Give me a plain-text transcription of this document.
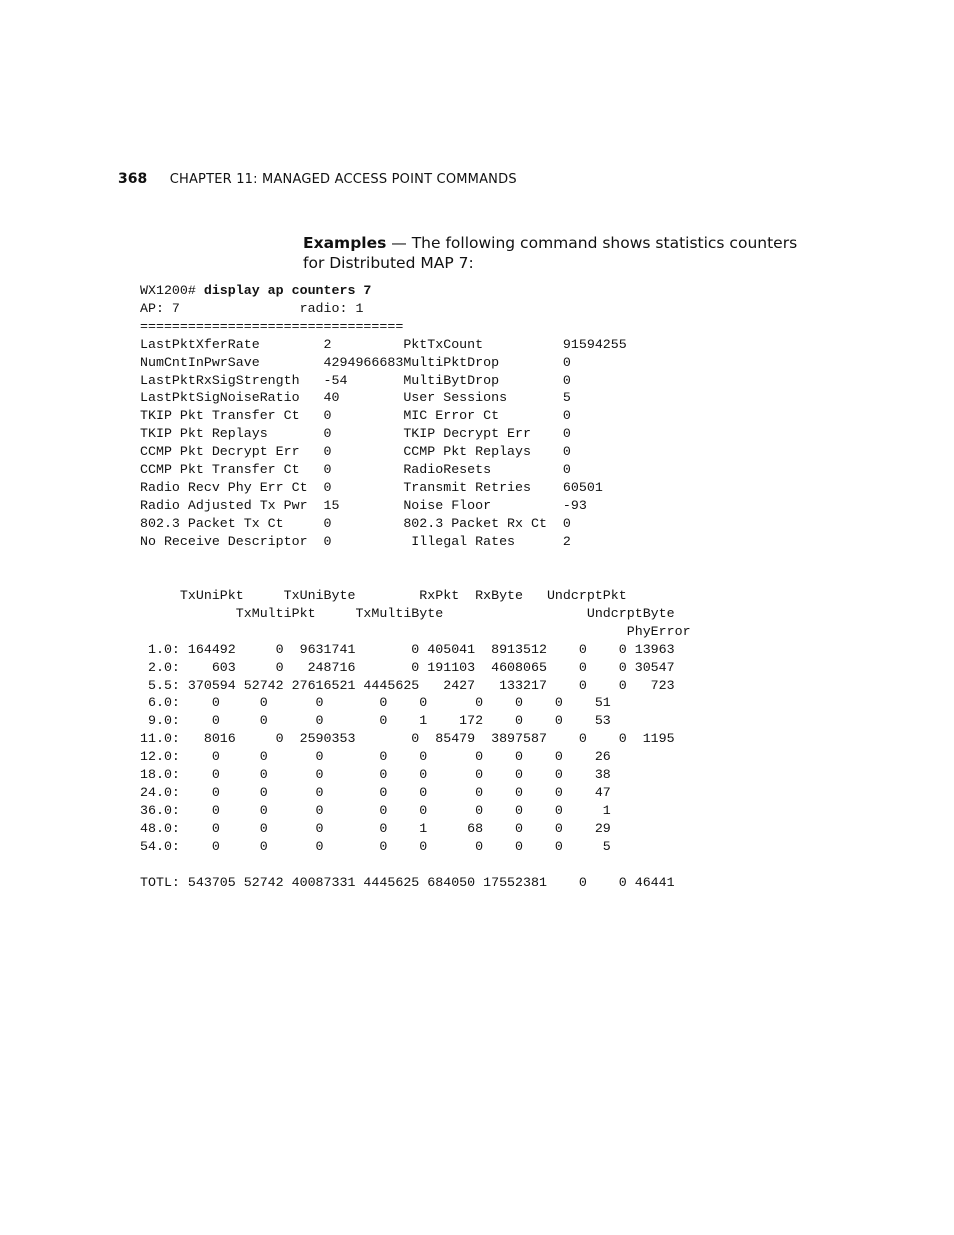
368 CHAPTER 11: MANAGED ACCESS POINT COMMANDS
Examples — The following command shows statistics counters for Distributed MAP 7:
WX1200# display ap counters 7
AP: 7               radio: 1
=================================
LastPktXferRate        2         PktTxCount          91594255
NumCntInPwrSave        4294966683MultiPktDrop        0
LastPktRxSigStrength   -54       MultiBytDrop        0
LastPktSigNoiseRatio   40        User Sessions       5
TKIP Pkt Transfer Ct   0         MIC Error Ct        0
TKIP Pkt Replays       0         TKIP Decrypt Err    0
CCMP Pkt Decrypt Err   0         CCMP Pkt Replays    0
CCMP Pkt Transfer Ct   0         RadioResets         0
Radio Recv Phy Err Ct  0         Transmit Retries    60501
Radio Adjusted Tx Pwr  15        Noise Floor         -93
802.3 Packet Tx Ct     0         802.3 Packet Rx Ct  0
No Receive Descriptor  0          Illegal Rates      2
TxUniPkt     TxUniByte        RxPkt  RxByte   UndcrptPkt
TxMultiPkt     TxMultiByte                  UndcrptByte
PhyError
1.0: 164492     0  9631741       0 405041  8913512    0    0 13963
2.0:    603     0   248716       0 191103  4608065    0    0 30547
5.5: 370594 52742 27616521 4445625   2427   133217    0    0   723
6.0:    0     0      0       0    0      0    0    0    51
9.0:    0     0      0       0    1    172    0    0    53
11.0:   8016     0  2590353       0  85479  3897587    0    0  1195
12.0:    0     0      0       0    0      0    0    0    26
18.0:    0     0      0       0    0      0    0    0    38
24.0:    0     0      0       0    0      0    0    0    47
36.0:    0     0      0       0    0      0    0    0     1
48.0:    0     0      0       0    1     68    0    0    29
54.0:    0     0      0       0    0      0    0    0     5

TOTL: 543705 52742 40087331 4445625 684050 17552381    0    0 46441
